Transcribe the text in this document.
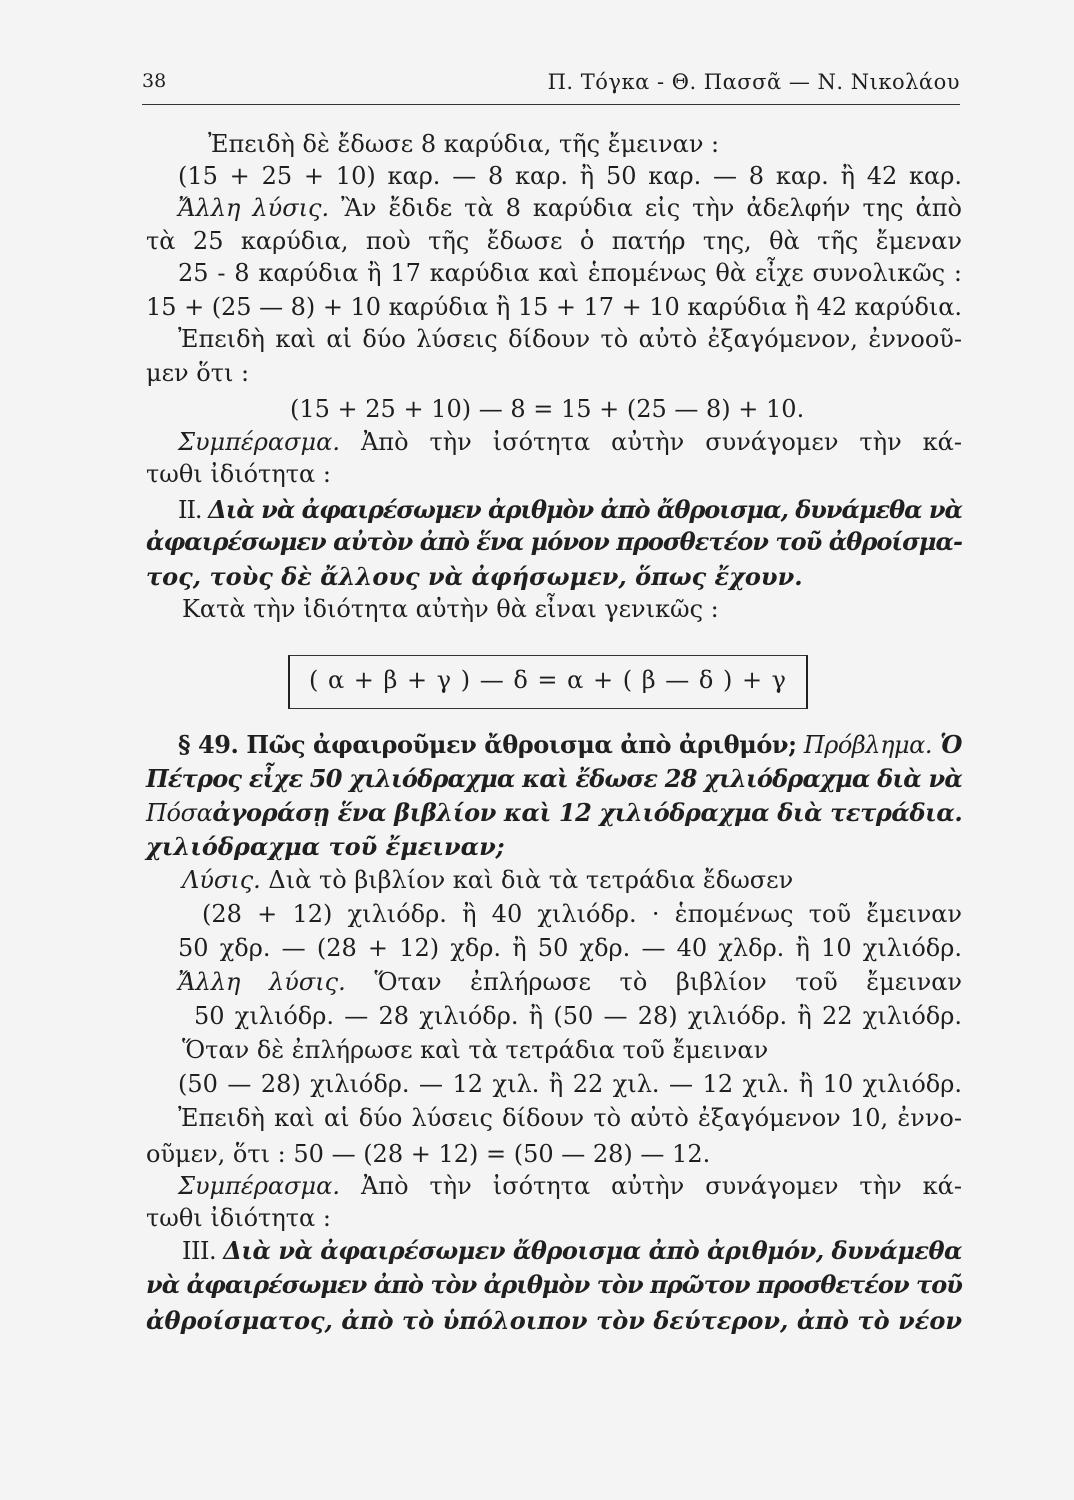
38	Π. Τόγκα - Θ. Πασσᾶ — Ν. Νικολάου
Ἐπειδὴ δὲ ἔδωσε 8 καρύδια, τῆς ἔμειναν :
(15 + 25 + 10) καρ. — 8 καρ. ἢ 50 καρ. — 8 καρ. ἢ 42 καρ.
Ἄλλη λύσις. Ἂν ἔδιδε τὰ 8 καρύδια εἰς τὴν ἀδελφήν της ἀπὸ
τὰ 25 καρύδια, ποὺ τῆς ἔδωσε ὁ πατήρ της, θὰ τῆς ἔμεναν
25 - 8 καρύδια ἢ 17 καρύδια καὶ ἑπομένως θὰ εἶχε συνολικῶς :
15 + (25 — 8) + 10 καρύδια ἢ 15 + 17 + 10 καρύδια ἢ 42 καρύδια.
Ἐπειδὴ καὶ αἱ δύο λύσεις δίδουν τὸ αὐτὸ ἐξαγόμενον, ἐννοοῦ-
μεν ὅτι :
(15 + 25 + 10) — 8 = 15 + (25 — 8) + 10.
Συμπέρασμα. Ἀπὸ τὴν ἰσότητα αὐτὴν συνάγομεν τὴν κά-
τωθι ἰδιότητα :
II. Διὰ νὰ ἀφαιρέσωμεν ἀριθμὸν ἀπὸ ἄθροισμα, δυνάμεθα νὰ
ἀφαιρέσωμεν αὐτὸν ἀπὸ ἕνα μόνον προσθετέον τοῦ ἀθροίσμα-
τος, τοὺς δὲ ἄλλους νὰ ἀφήσωμεν, ὅπως ἔχουν.
Κατὰ τὴν ἰδιότητα αὐτὴν θὰ εἶναι γενικῶς :
§ 49. Πῶς ἀφαιροῦμεν ἄθροισμα ἀπὸ ἀριθμόν; Πρόβλημα. Ὁ
Πέτρος εἶχε 50 χιλιόδραχμα καὶ ἔδωσε 28 χιλιόδραχμα διὰ νὰ
Πόσαἀγοράσῃ ἕνα βιβλίον καὶ 12 χιλιόδραχμα διὰ τετράδια.
χιλιόδραχμα τοῦ ἔμειναν;
Λύσις. Διὰ τὸ βιβλίον καὶ διὰ τὰ τετράδια ἔδωσεν
(28 + 12) χιλιόδρ. ἢ 40 χιλιόδρ. · ἑπομένως τοῦ ἔμειναν
50 χδρ. — (28 + 12) χδρ. ἢ 50 χδρ. — 40 χλδρ. ἢ 10 χιλιόδρ.
Ἄλλη λύσις. Ὅταν ἐπλήρωσε τὸ βιβλίον τοῦ ἔμειναν
50 χιλιόδρ. — 28 χιλιόδρ. ἢ (50 — 28) χιλιόδρ. ἢ 22 χιλιόδρ.
Ὅταν δὲ ἐπλήρωσε καὶ τὰ τετράδια τοῦ ἔμειναν
(50 — 28) χιλιόδρ. — 12 χιλ. ἢ 22 χιλ. — 12 χιλ. ἢ 10 χιλιόδρ.
Ἐπειδὴ καὶ αἱ δύο λύσεις δίδουν τὸ αὐτὸ ἐξαγόμενον 10, ἐννο-
οῦμεν, ὅτι : 50 — (28 + 12) = (50 — 28) — 12.
Συμπέρασμα. Ἀπὸ τὴν ἰσότητα αὐτὴν συνάγομεν τὴν κά-
τωθι ἰδιότητα :
III. Διὰ νὰ ἀφαιρέσωμεν ἄθροισμα ἀπὸ ἀριθμόν, δυνάμεθα
νὰ ἀφαιρέσωμεν ἀπὸ τὸν ἀριθμὸν τὸν πρῶτον προσθετέον τοῦ
ἀθροίσματος, ἀπὸ τὸ ὑπόλοιπον τὸν δεύτερον, ἀπὸ τὸ νέον
( α + β + γ ) — δ = α + ( β — δ ) + γ
